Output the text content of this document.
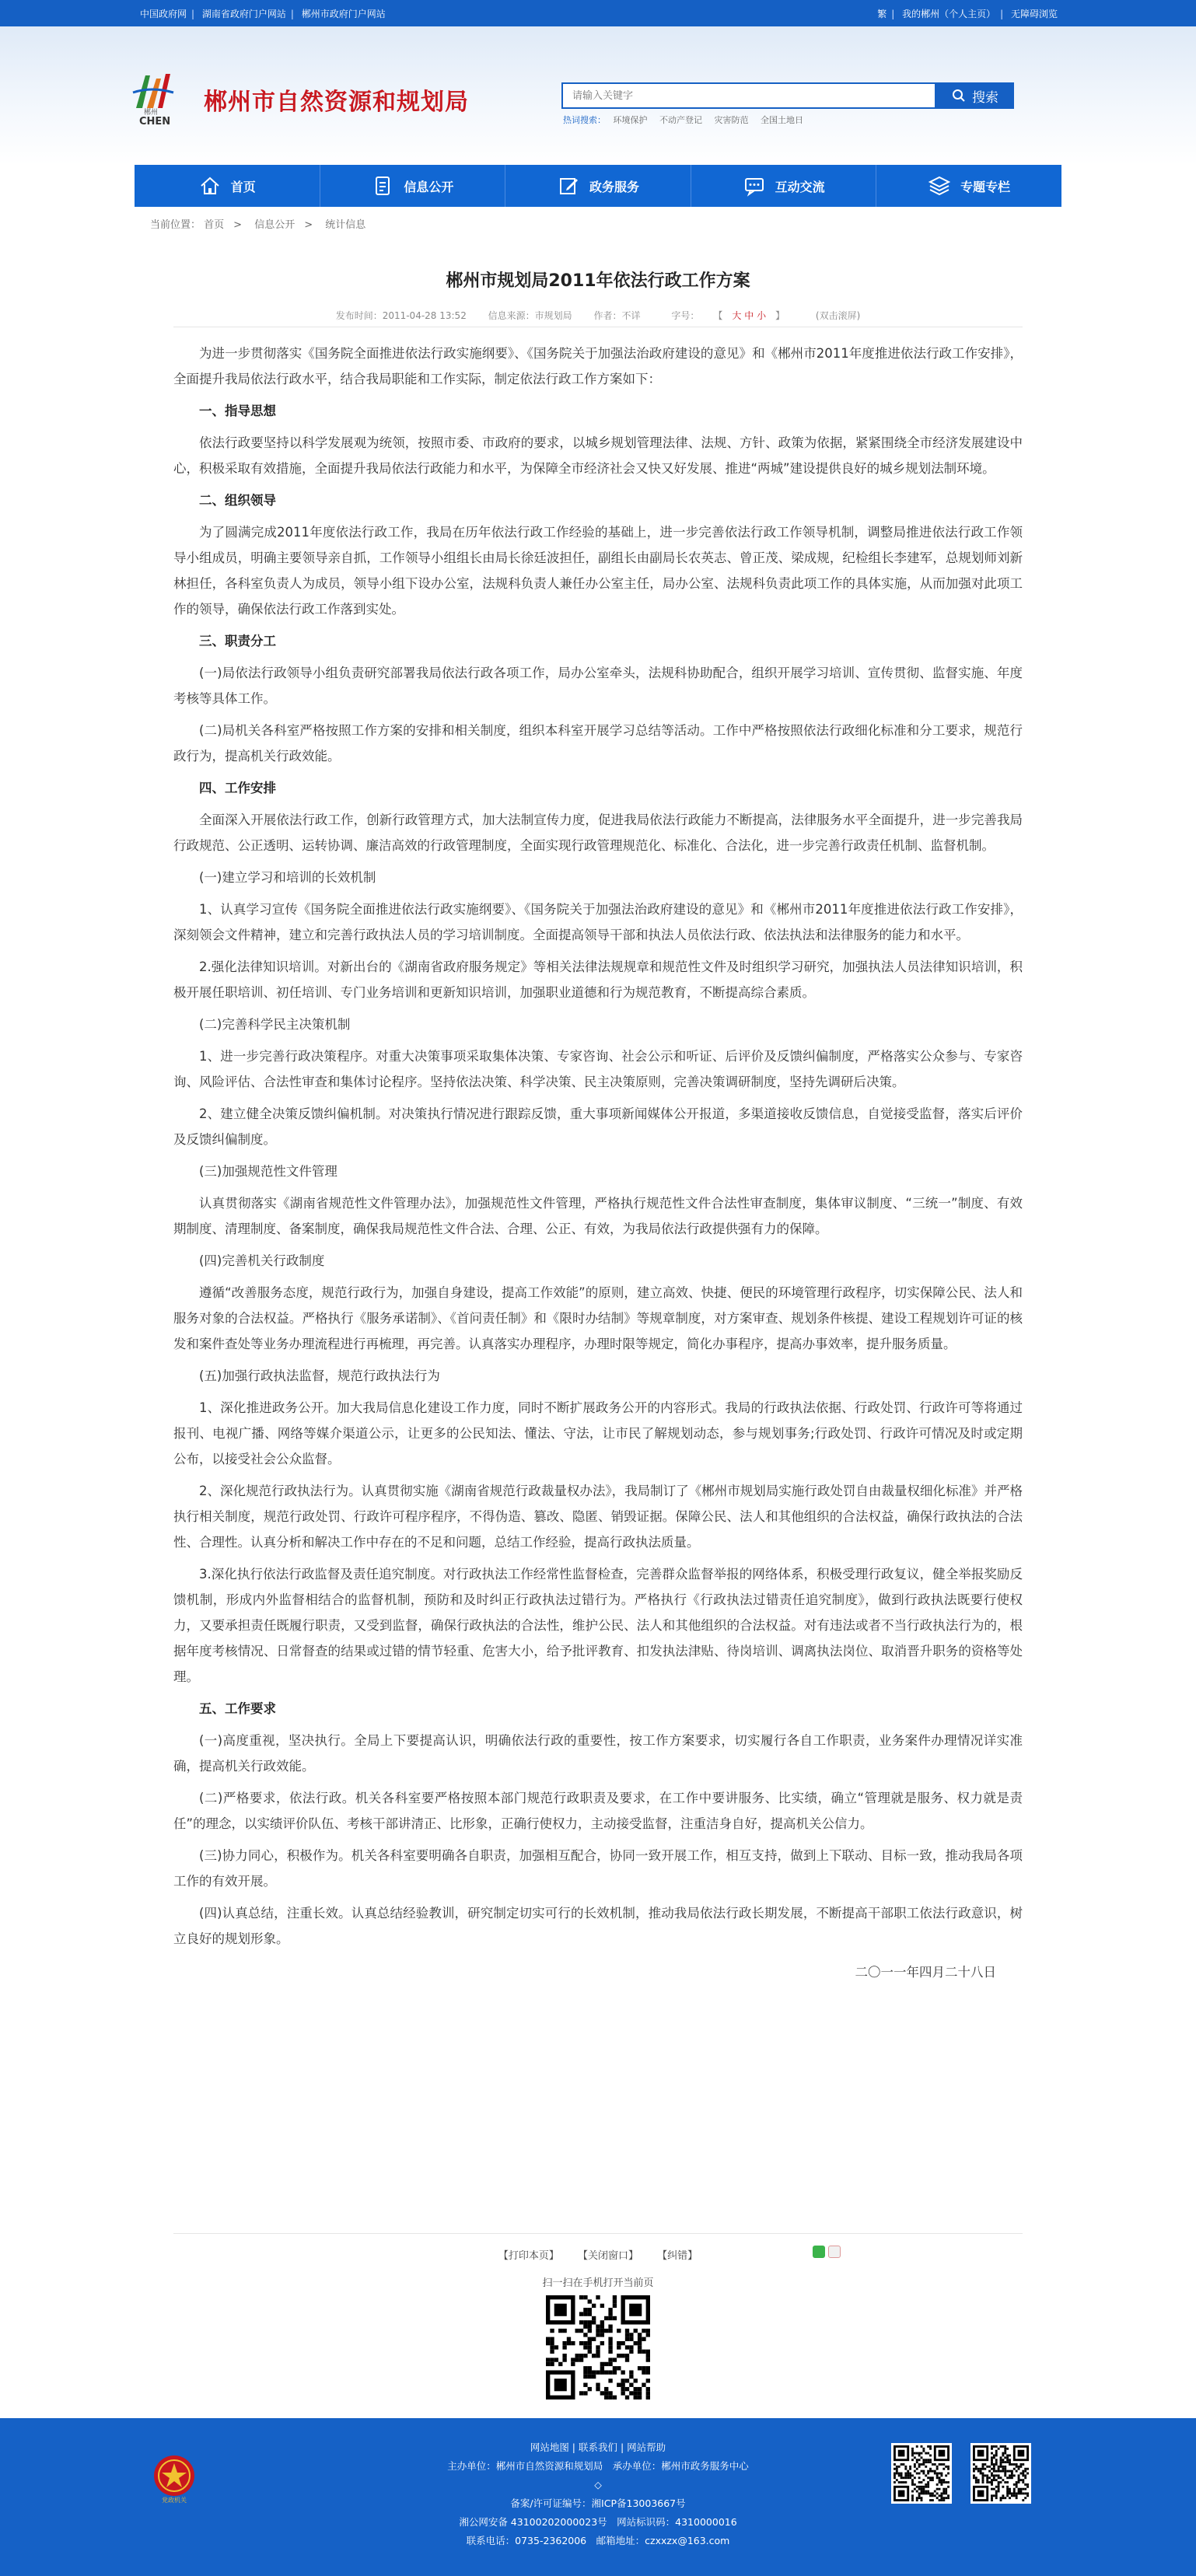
中国政府网 | 湖南省政府门户网站 | 郴州市政府门户网站	繁 | 我的郴州（个人主页） | 无障碍浏览
郴州
CHEN
郴州市自然资源和规划局
请输入关键字	搜索
热词搜索： 环境保护 不动产登记 灾害防范 全国土地日
首页	信息公开	政务服务	互动交流	专题专栏
当前位置： 首页 > 信息公开 > 统计信息
郴州市规划局2011年依法行政工作方案
发布时间：2011-04-28 13:52 信息来源：市规划局 作者：不详	字号： 【 大 中 小 】	(双击滚屏)

为进一步贯彻落实《国务院全面推进依法行政实施纲要》、《国务院关于加强法治政府建设的意见》和《郴州市2011年度推进依法行政工作安排》，全面提升我局依法行政水平，结合我局职能和工作实际，制定依法行政工作方案如下：

一、指导思想

依法行政要坚持以科学发展观为统领，按照市委、市政府的要求，以城乡规划管理法律、法规、方针、政策为依据，紧紧围绕全市经济发展建设中心，积极采取有效措施，全面提升我局依法行政能力和水平，为保障全市经济社会又快又好发展、推进“两城”建设提供良好的城乡规划法制环境。

二、组织领导

为了圆满完成2011年度依法行政工作，我局在历年依法行政工作经验的基础上，进一步完善依法行政工作领导机制，调整局推进依法行政工作领导小组成员，明确主要领导亲自抓，工作领导小组组长由局长徐廷波担任，副组长由副局长农英志、曾正茂、梁成规，纪检组长李建军，总规划师刘新林担任，各科室负责人为成员，领导小组下设办公室，法规科负责人兼任办公室主任，局办公室、法规科负责此项工作的具体实施，从而加强对此项工作的领导，确保依法行政工作落到实处。

三、职责分工

(一)局依法行政领导小组负责研究部署我局依法行政各项工作，局办公室牵头，法规科协助配合，组织开展学习培训、宣传贯彻、监督实施、年度考核等具体工作。

(二)局机关各科室严格按照工作方案的安排和相关制度，组织本科室开展学习总结等活动。工作中严格按照依法行政细化标准和分工要求，规范行政行为，提高机关行政效能。

四、工作安排

全面深入开展依法行政工作，创新行政管理方式，加大法制宣传力度，促进我局依法行政能力不断提高，法律服务水平全面提升，进一步完善我局行政规范、公正透明、运转协调、廉洁高效的行政管理制度，全面实现行政管理规范化、标准化、合法化，进一步完善行政责任机制、监督机制。

(一)建立学习和培训的长效机制

1、认真学习宣传《国务院全面推进依法行政实施纲要》、《国务院关于加强法治政府建设的意见》和《郴州市2011年度推进依法行政工作安排》，深刻领会文件精神，建立和完善行政执法人员的学习培训制度。全面提高领导干部和执法人员依法行政、依法执法和法律服务的能力和水平。

2.强化法律知识培训。对新出台的《湖南省政府服务规定》等相关法律法规规章和规范性文件及时组织学习研究，加强执法人员法律知识培训，积极开展任职培训、初任培训、专门业务培训和更新知识培训，加强职业道德和行为规范教育，不断提高综合素质。

(二)完善科学民主决策机制

1、进一步完善行政决策程序。对重大决策事项采取集体决策、专家咨询、社会公示和听证、后评价及反馈纠偏制度，严格落实公众参与、专家咨询、风险评估、合法性审查和集体讨论程序。坚持依法决策、科学决策、民主决策原则，完善决策调研制度，坚持先调研后决策。

2、建立健全决策反馈纠偏机制。对决策执行情况进行跟踪反馈，重大事项新闻媒体公开报道，多渠道接收反馈信息，自觉接受监督，落实后评价及反馈纠偏制度。

(三)加强规范性文件管理

认真贯彻落实《湖南省规范性文件管理办法》，加强规范性文件管理，严格执行规范性文件合法性审查制度，集体审议制度、“三统一”制度、有效期制度、清理制度、备案制度，确保我局规范性文件合法、合理、公正、有效，为我局依法行政提供强有力的保障。

(四)完善机关行政制度

遵循“改善服务态度，规范行政行为，加强自身建设，提高工作效能”的原则，建立高效、快捷、便民的环境管理行政程序，切实保障公民、法人和服务对象的合法权益。严格执行《服务承诺制》、《首问责任制》和《限时办结制》等规章制度，对方案审查、规划条件核提、建设工程规划许可证的核发和案件查处等业务办理流程进行再梳理，再完善。认真落实办理程序，办理时限等规定，简化办事程序，提高办事效率，提升服务质量。

(五)加强行政执法监督，规范行政执法行为

1、深化推进政务公开。加大我局信息化建设工作力度，同时不断扩展政务公开的内容形式。我局的行政执法依据、行政处罚、行政许可等将通过报刊、电视广播、网络等媒介渠道公示，让更多的公民知法、懂法、守法，让市民了解规划动态，参与规划事务;行政处罚、行政许可情况及时或定期公布，以接受社会公众监督。

2、深化规范行政执法行为。认真贯彻实施《湖南省规范行政裁量权办法》，我局制订了《郴州市规划局实施行政处罚自由裁量权细化标准》并严格执行相关制度，规范行政处罚、行政许可程序程序，不得伪造、篡改、隐匿、销毁证据。保障公民、法人和其他组织的合法权益，确保行政执法的合法性、合理性。认真分析和解决工作中存在的不足和问题，总结工作经验，提高行政执法质量。

3.深化执行依法行政监督及责任追究制度。对行政执法工作经常性监督检查，完善群众监督举报的网络体系，积极受理行政复议，健全举报奖励反馈机制，形成内外监督相结合的监督机制，预防和及时纠正行政执法过错行为。严格执行《行政执法过错责任追究制度》，做到行政执法既要行使权力，又要承担责任既履行职责，又受到监督，确保行政执法的合法性，维护公民、法人和其他组织的合法权益。对有违法或者不当行政执法行为的，根据年度考核情况、日常督查的结果或过错的情节轻重、危害大小，给予批评教育、扣发执法津贴、待岗培训、调离执法岗位、取消晋升职务的资格等处理。

五、工作要求

(一)高度重视，坚决执行。全局上下要提高认识，明确依法行政的重要性，按工作方案要求，切实履行各自工作职责，业务案件办理情况详实准确，提高机关行政效能。

(二)严格要求，依法行政。机关各科室要严格按照本部门规范行政职责及要求，在工作中要讲服务、比实绩，确立“管理就是服务、权力就是责任”的理念，以实绩评价队伍、考核干部讲清正、比形象，正确行使权力，主动接受监督，注重洁身自好，提高机关公信力。

(三)协力同心，积极作为。机关各科室要明确各自职责，加强相互配合，协同一致开展工作，相互支持，做到上下联动、目标一致，推动我局各项工作的有效开展。

(四)认真总结，注重长效。认真总结经验教训，研究制定切实可行的长效机制，推动我局依法行政长期发展，不断提高干部职工依法行政意识，树立良好的规划形象。

二〇一一年四月二十八日

【打印本页】 【关闭窗口】 【纠错】
扫一扫在手机打开当前页
党政机关
网站地图 | 联系我们 | 网站帮助
主办单位：郴州市自然资源和规划局　承办单位：郴州市政务服务中心
◇
备案/许可证编号：湘ICP备13003667号
湘公网安备 43100202000023号　网站标识码：4310000016
联系电话：0735-2362006　邮箱地址：czxxzx@163.com
